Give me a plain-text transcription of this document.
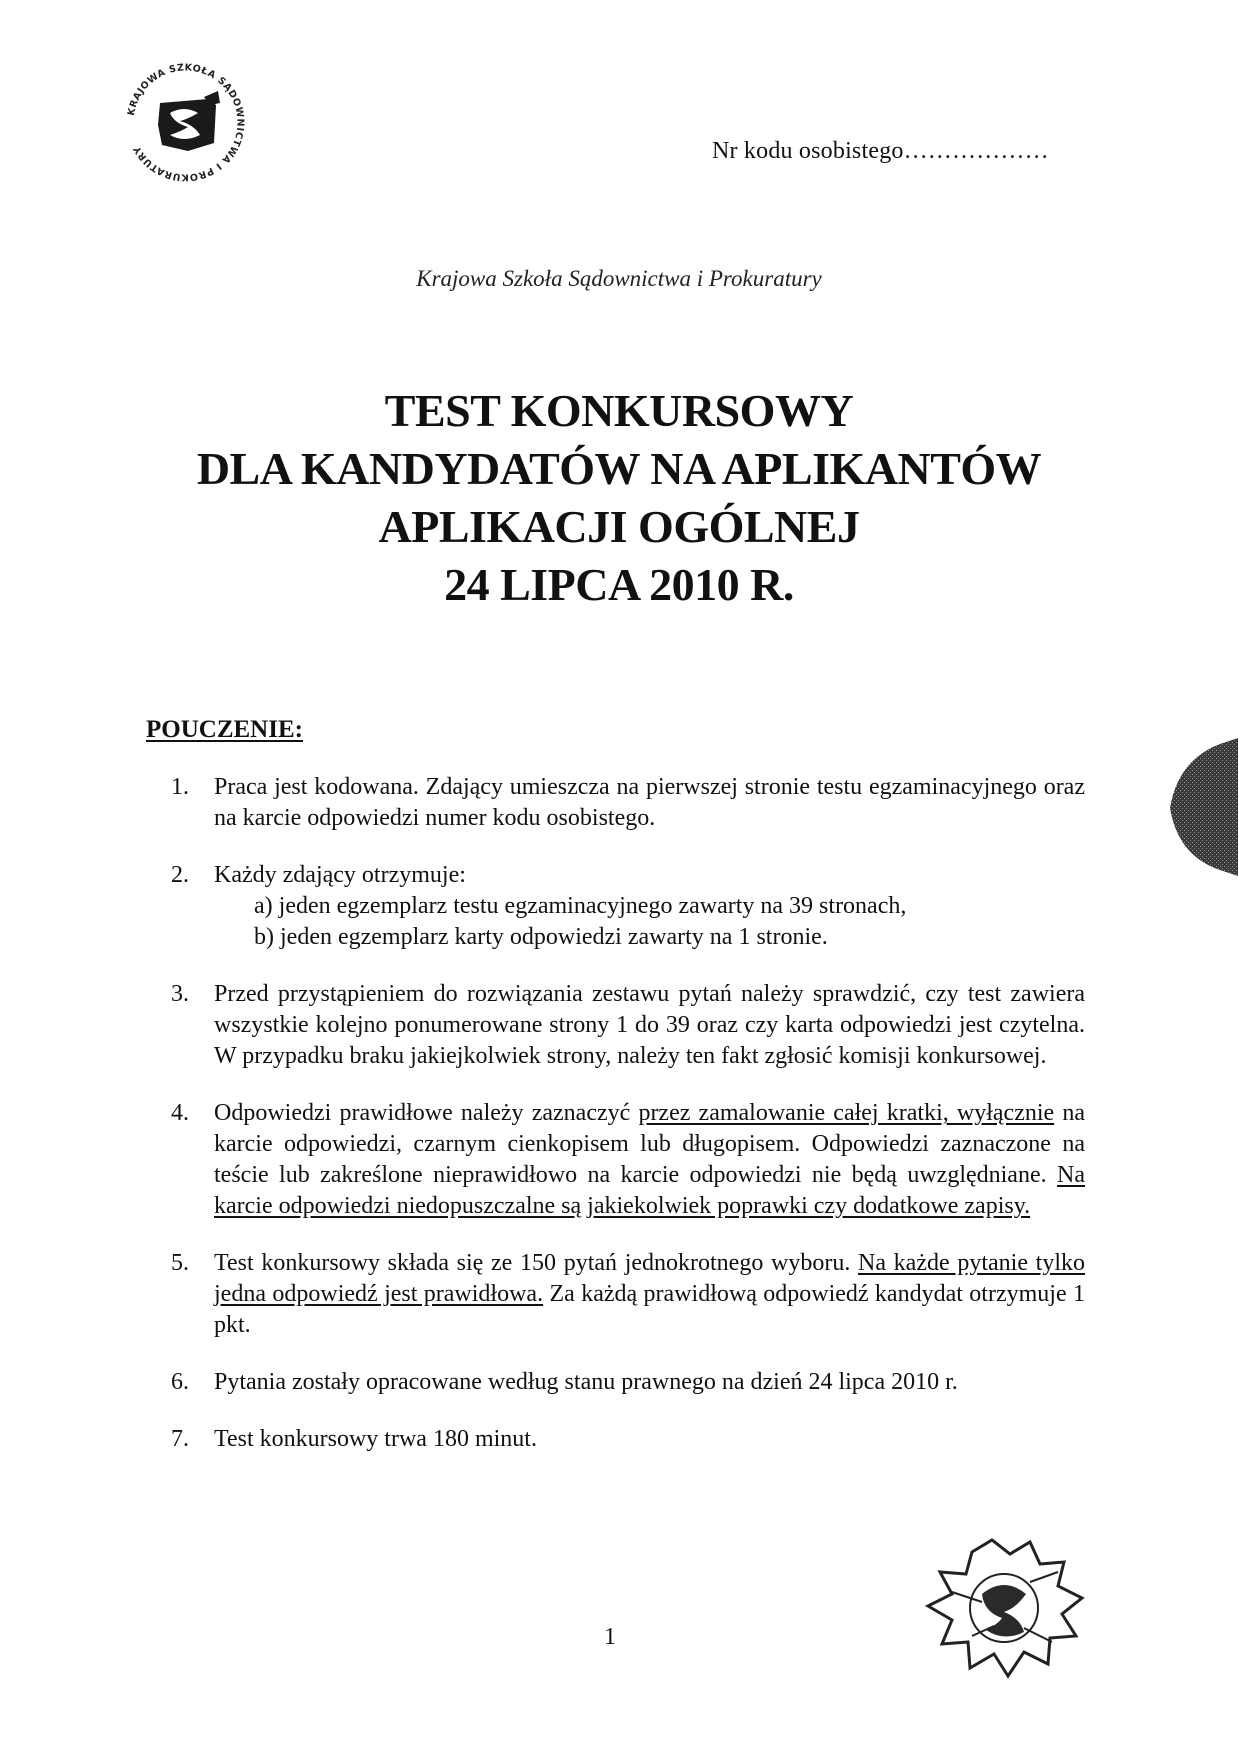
KRAJOWA SZKOŁA SĄDOWNICTWA I PROKURATURY	Nr kodu osobistego………………
Krajowa Szkoła Sądownictwa i Prokuratury
TEST KONKURSOWY
DLA KANDYDATÓW NA APLIKANTÓW
APLIKACJI OGÓLNEJ
24 LIPCA 2010 R.
POUCZENIE:
1. Praca jest kodowana. Zdający umieszcza na pierwszej stronie testu egzaminacyjnego oraz na karcie odpowiedzi numer kodu osobistego.
2. Każdy zdający otrzymuje:
a) jeden egzemplarz testu egzaminacyjnego zawarty na 39 stronach,
b) jeden egzemplarz karty odpowiedzi zawarty na 1 stronie.
3. Przed przystąpieniem do rozwiązania zestawu pytań należy sprawdzić, czy test zawiera wszystkie kolejno ponumerowane strony 1 do 39 oraz czy karta odpowiedzi jest czytelna. W przypadku braku jakiejkolwiek strony, należy ten fakt zgłosić komisji konkursowej.
4. Odpowiedzi prawidłowe należy zaznaczyć przez zamalowanie całej kratki, wyłącznie na karcie odpowiedzi, czarnym cienkopisem lub długopisem. Odpowiedzi zaznaczone na teście lub zakreślone nieprawidłowo na karcie odpowiedzi nie będą uwzględniane. Na karcie odpowiedzi niedopuszczalne są jakiekolwiek poprawki czy dodatkowe zapisy.
5. Test konkursowy składa się ze 150 pytań jednokrotnego wyboru. Na każde pytanie tylko jedna odpowiedź jest prawidłowa. Za każdą prawidłową odpowiedź kandydat otrzymuje 1 pkt.
6. Pytania zostały opracowane według stanu prawnego na dzień 24 lipca 2010 r.
7. Test konkursowy trwa 180 minut.
1
